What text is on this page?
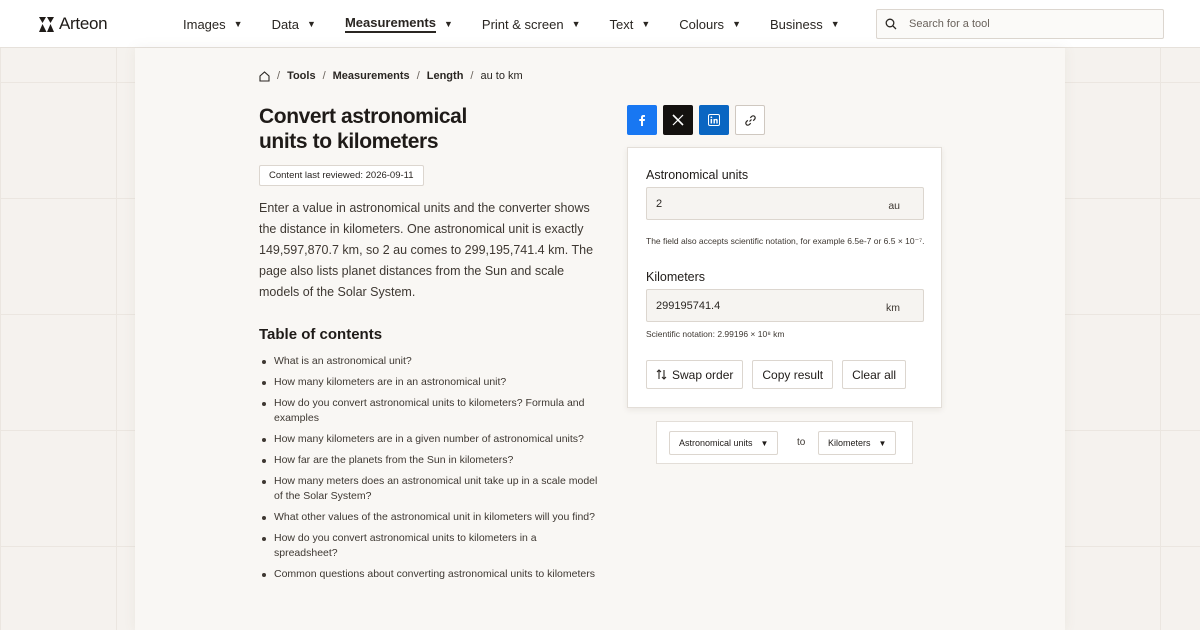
Arteon	Images ▼ Data ▼ Measurements ▼ Print & screen ▼ Text ▼ Colours ▼ Business ▼
Search for a tool
/ Tools / Measurements / Length / au to km
Convert astronomical units to kilometers
Content last reviewed: 2026-09-11

Enter a value in astronomical units and the converter shows the distance in kilometers. One astronomical unit is exactly 149,597,870.7 km, so 2 au comes to 299,195,741.4 km. The page also lists planet distances from the Sun and scale models of the Solar System.

Table of contents
What is an astronomical unit?
How many kilometers are in an astronomical unit?
How do you convert astronomical units to kilometers? Formula and examples
How many kilometers are in a given number of astronomical units?
How far are the planets from the Sun in kilometers?
How many meters does an astronomical unit take up in a scale model of the Solar System?
What other values of the astronomical unit in kilometers will you find?
How do you convert astronomical units to kilometers in a spreadsheet?
Common questions about converting astronomical units to kilometers
Astronomical units
2
au
The field also accepts scientific notation, for example 6.5e-7 or 6.5 × 10⁻⁷.
Kilometers
299195741.4
km
Scientific notation: 2.99196 × 10⁸ km
Swap order	Copy result	Clear all
Astronomical units ▼	to	Kilometers ▼
